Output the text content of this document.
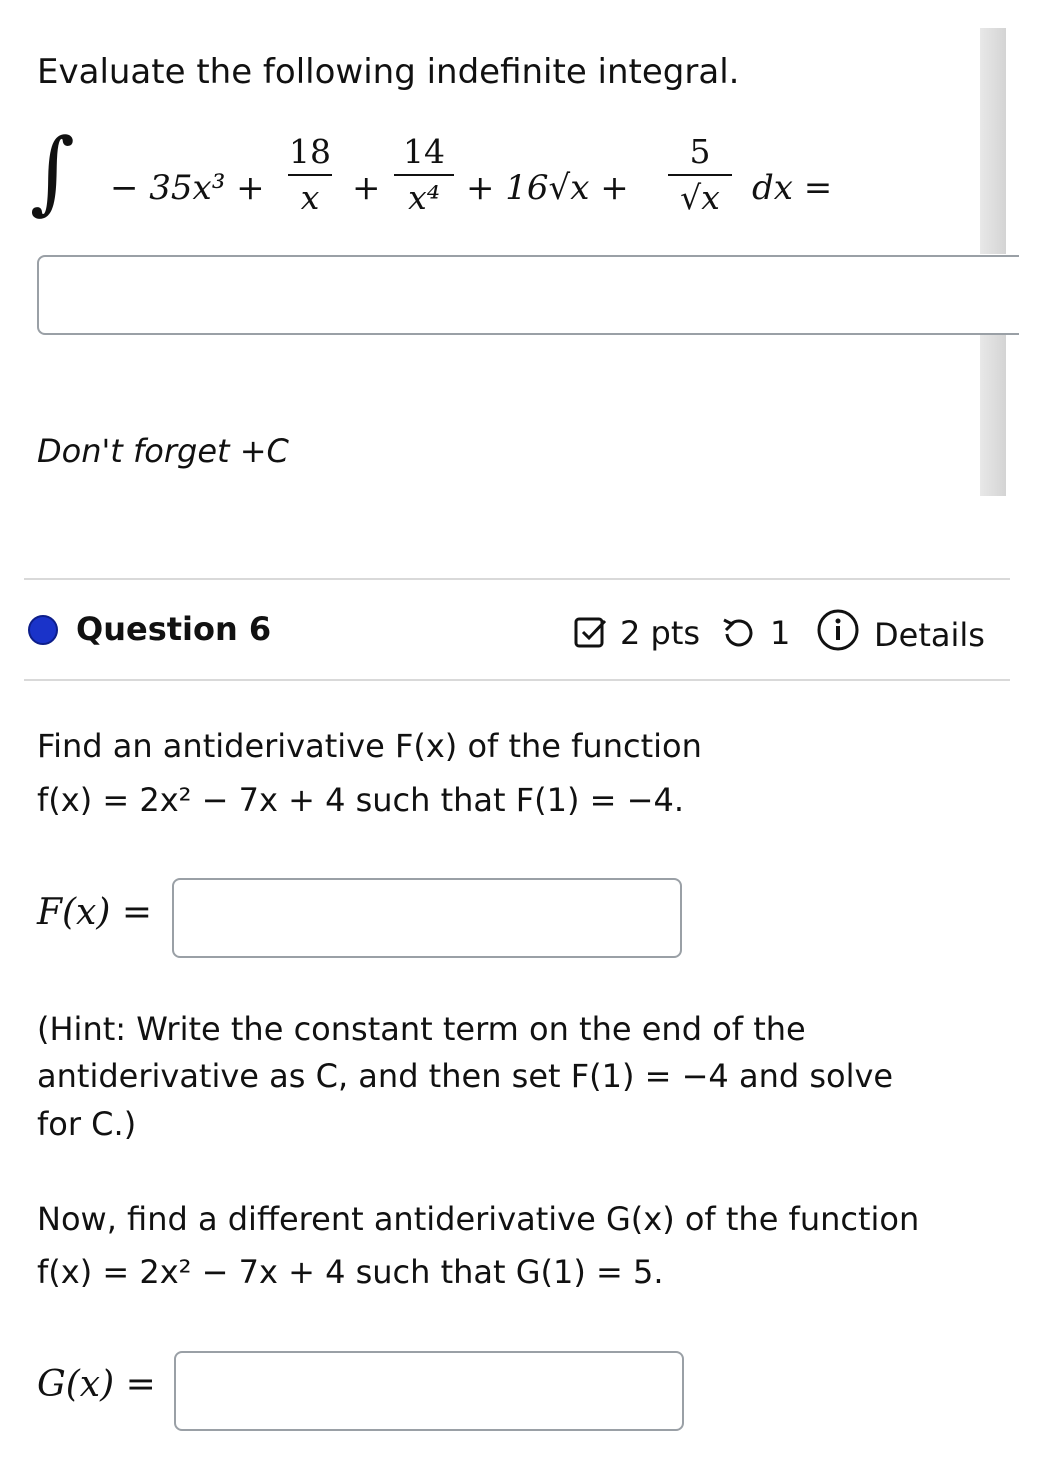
Evaluate the following indefinite integral.
∫ − 35x³ +
18
x +
14
x⁴ + 16√x +
5
√x dx =
Don't forget +C
Question 6	2 pts 1	Details
Find an antiderivative F(x) of the function
f(x) = 2x² − 7x + 4 such that F(1) = −4.
F(x) =
(Hint: Write the constant term on the end of the
antiderivative as C, and then set F(1) = −4 and solve
for C.)
Now, find a different antiderivative G(x) of the function
f(x) = 2x² − 7x + 4 such that G(1) = 5.
G(x) =
